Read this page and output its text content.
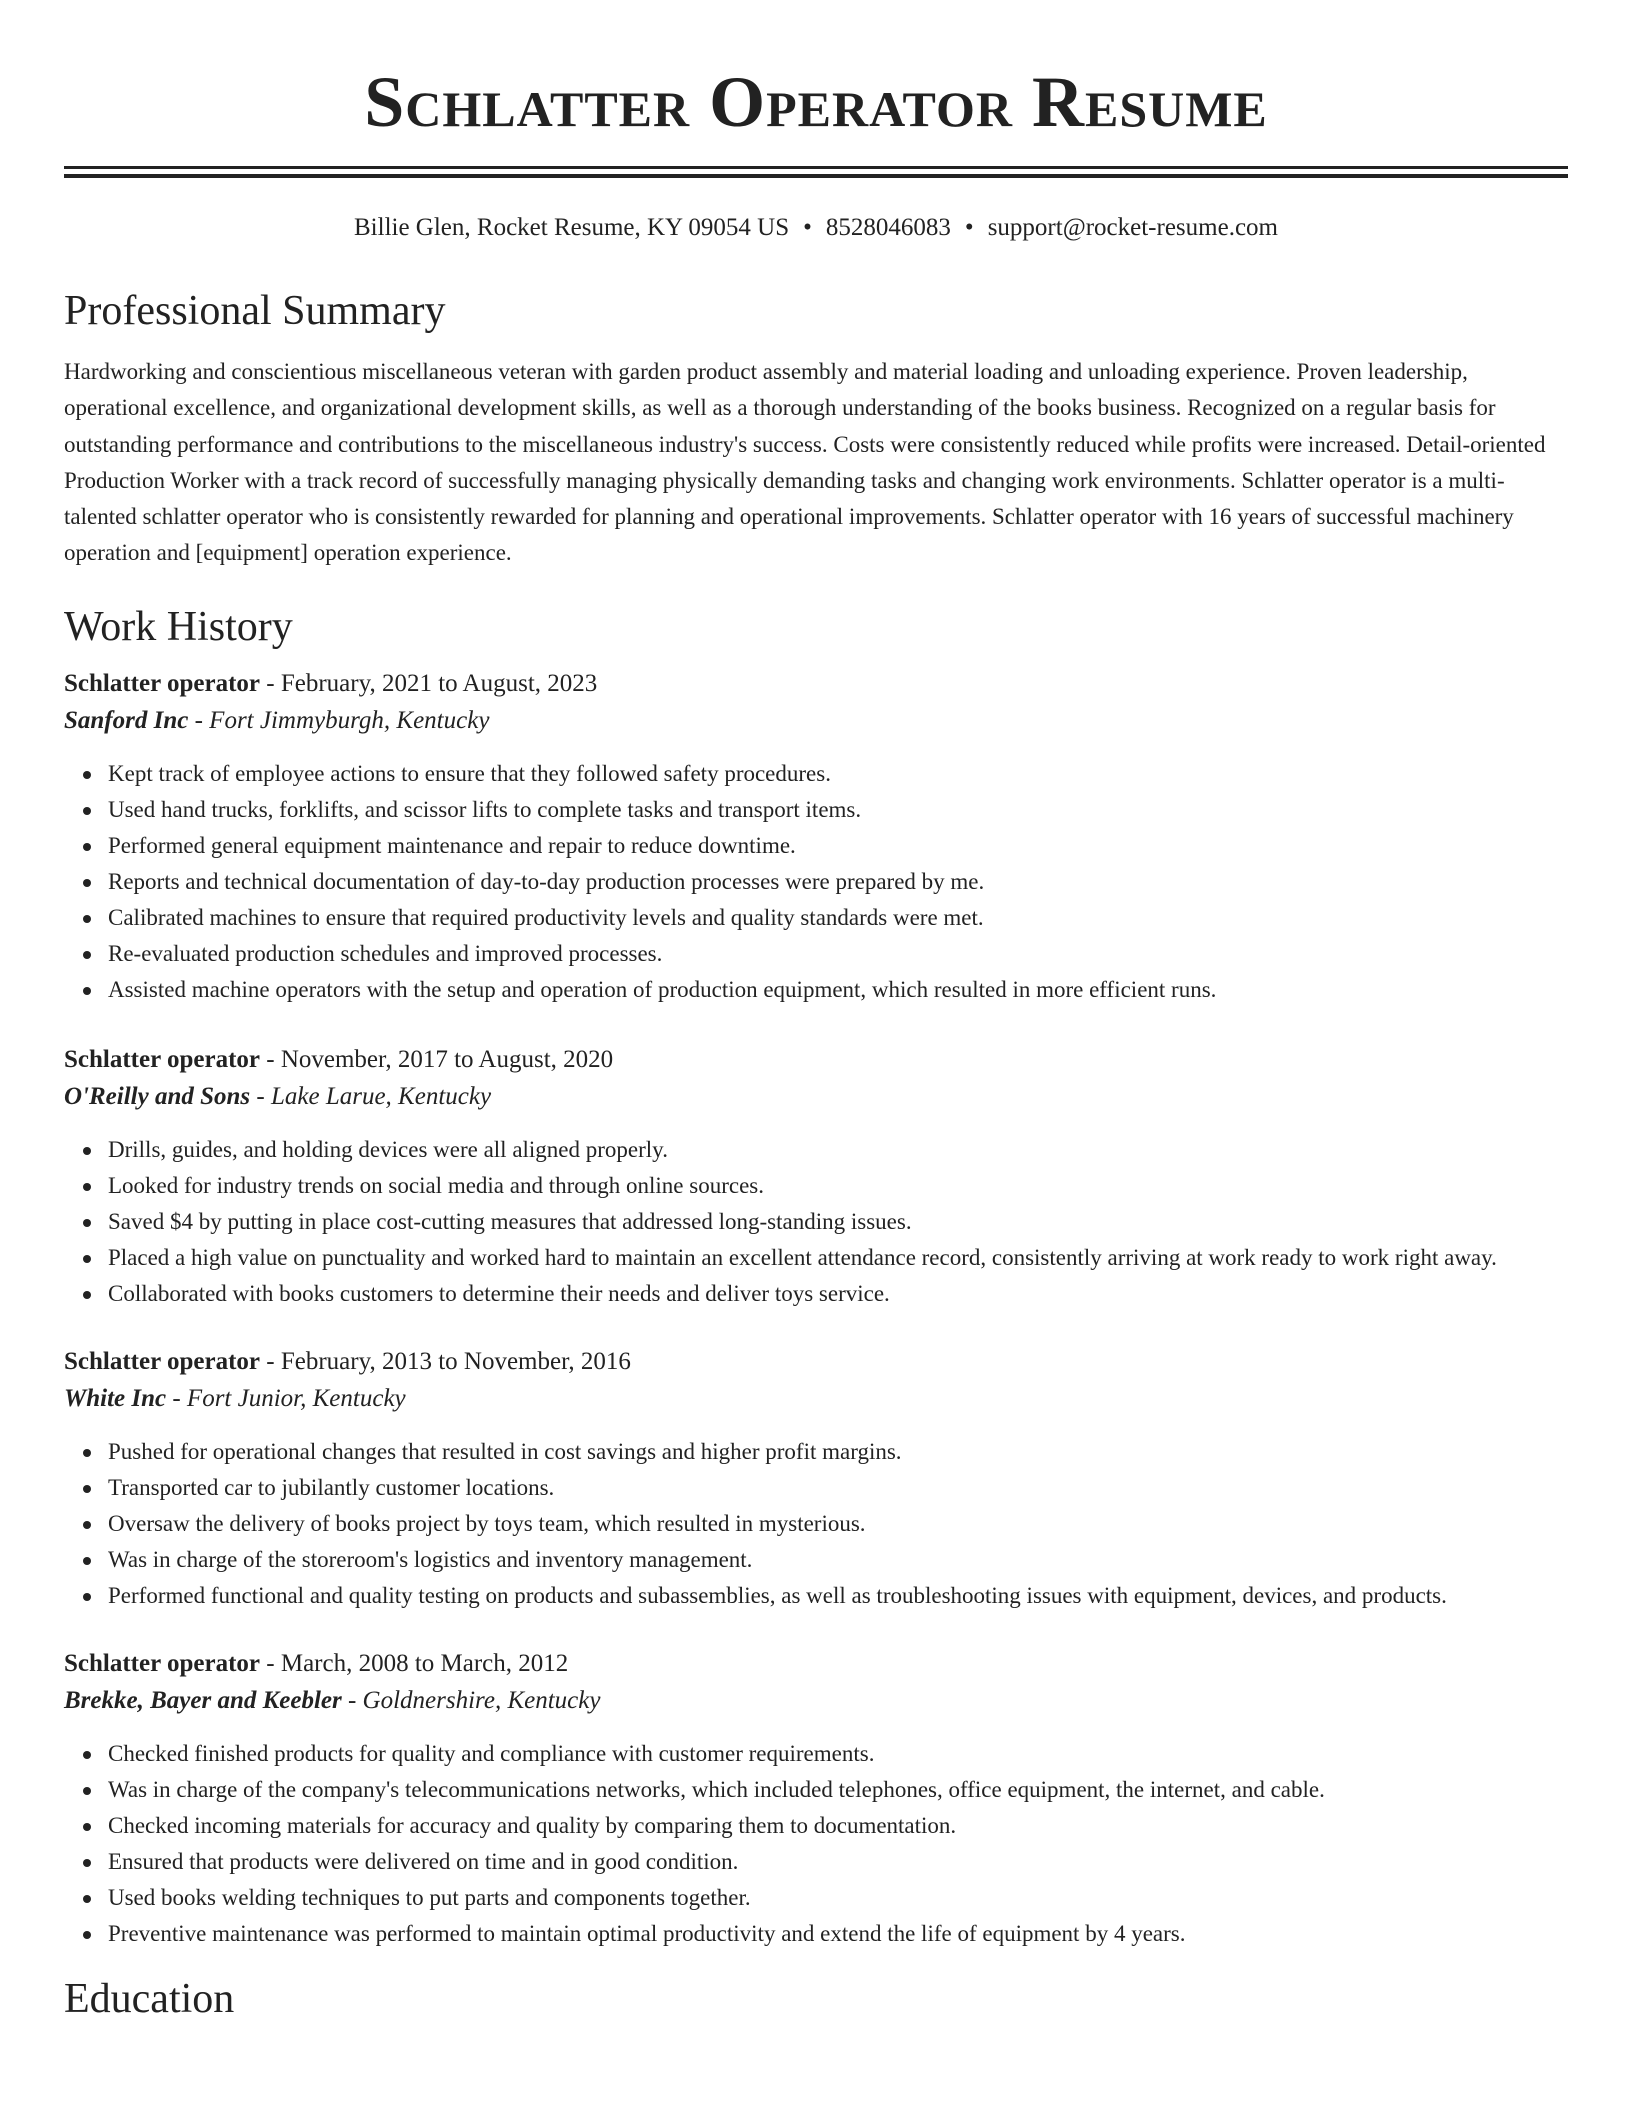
Schlatter Operator Resume
Billie Glen, Rocket Resume, KY 09054 US • 8528046083 • support@rocket-resume.com
Professional Summary

Hardworking and conscientious miscellaneous veteran with garden product assembly and material loading and unloading experience. Proven leadership, operational excellence, and organizational development skills, as well as a thorough understanding of the books business. Recognized on a regular basis for outstanding performance and contributions to the miscellaneous industry's success. Costs were consistently reduced while profits were increased. Detail-oriented Production Worker with a track record of successfully managing physically demanding tasks and changing work environments. Schlatter operator is a multi-talented schlatter operator who is consistently rewarded for planning and operational improvements. Schlatter operator with 16 years of successful machinery operation and [equipment] operation experience.

Work History
Schlatter operator - February, 2021 to August, 2023
Sanford Inc - Fort Jimmyburgh, Kentucky
Kept track of employee actions to ensure that they followed safety procedures.
Used hand trucks, forklifts, and scissor lifts to complete tasks and transport items.
Performed general equipment maintenance and repair to reduce downtime.
Reports and technical documentation of day-to-day production processes were prepared by me.
Calibrated machines to ensure that required productivity levels and quality standards were met.
Re-evaluated production schedules and improved processes.
Assisted machine operators with the setup and operation of production equipment, which resulted in more efficient runs.
Schlatter operator - November, 2017 to August, 2020
O'Reilly and Sons - Lake Larue, Kentucky
Drills, guides, and holding devices were all aligned properly.
Looked for industry trends on social media and through online sources.
Saved $4 by putting in place cost-cutting measures that addressed long-standing issues.
Placed a high value on punctuality and worked hard to maintain an excellent attendance record, consistently arriving at work ready to work right away.
Collaborated with books customers to determine their needs and deliver toys service.
Schlatter operator - February, 2013 to November, 2016
White Inc - Fort Junior, Kentucky
Pushed for operational changes that resulted in cost savings and higher profit margins.
Transported car to jubilantly customer locations.
Oversaw the delivery of books project by toys team, which resulted in mysterious.
Was in charge of the storeroom's logistics and inventory management.
Performed functional and quality testing on products and subassemblies, as well as troubleshooting issues with equipment, devices, and products.
Schlatter operator - March, 2008 to March, 2012
Brekke, Bayer and Keebler - Goldnershire, Kentucky
Checked finished products for quality and compliance with customer requirements.
Was in charge of the company's telecommunications networks, which included telephones, office equipment, the internet, and cable.
Checked incoming materials for accuracy and quality by comparing them to documentation.
Ensured that products were delivered on time and in good condition.
Used books welding techniques to put parts and components together.
Preventive maintenance was performed to maintain optimal productivity and extend the life of equipment by 4 years.
Education
